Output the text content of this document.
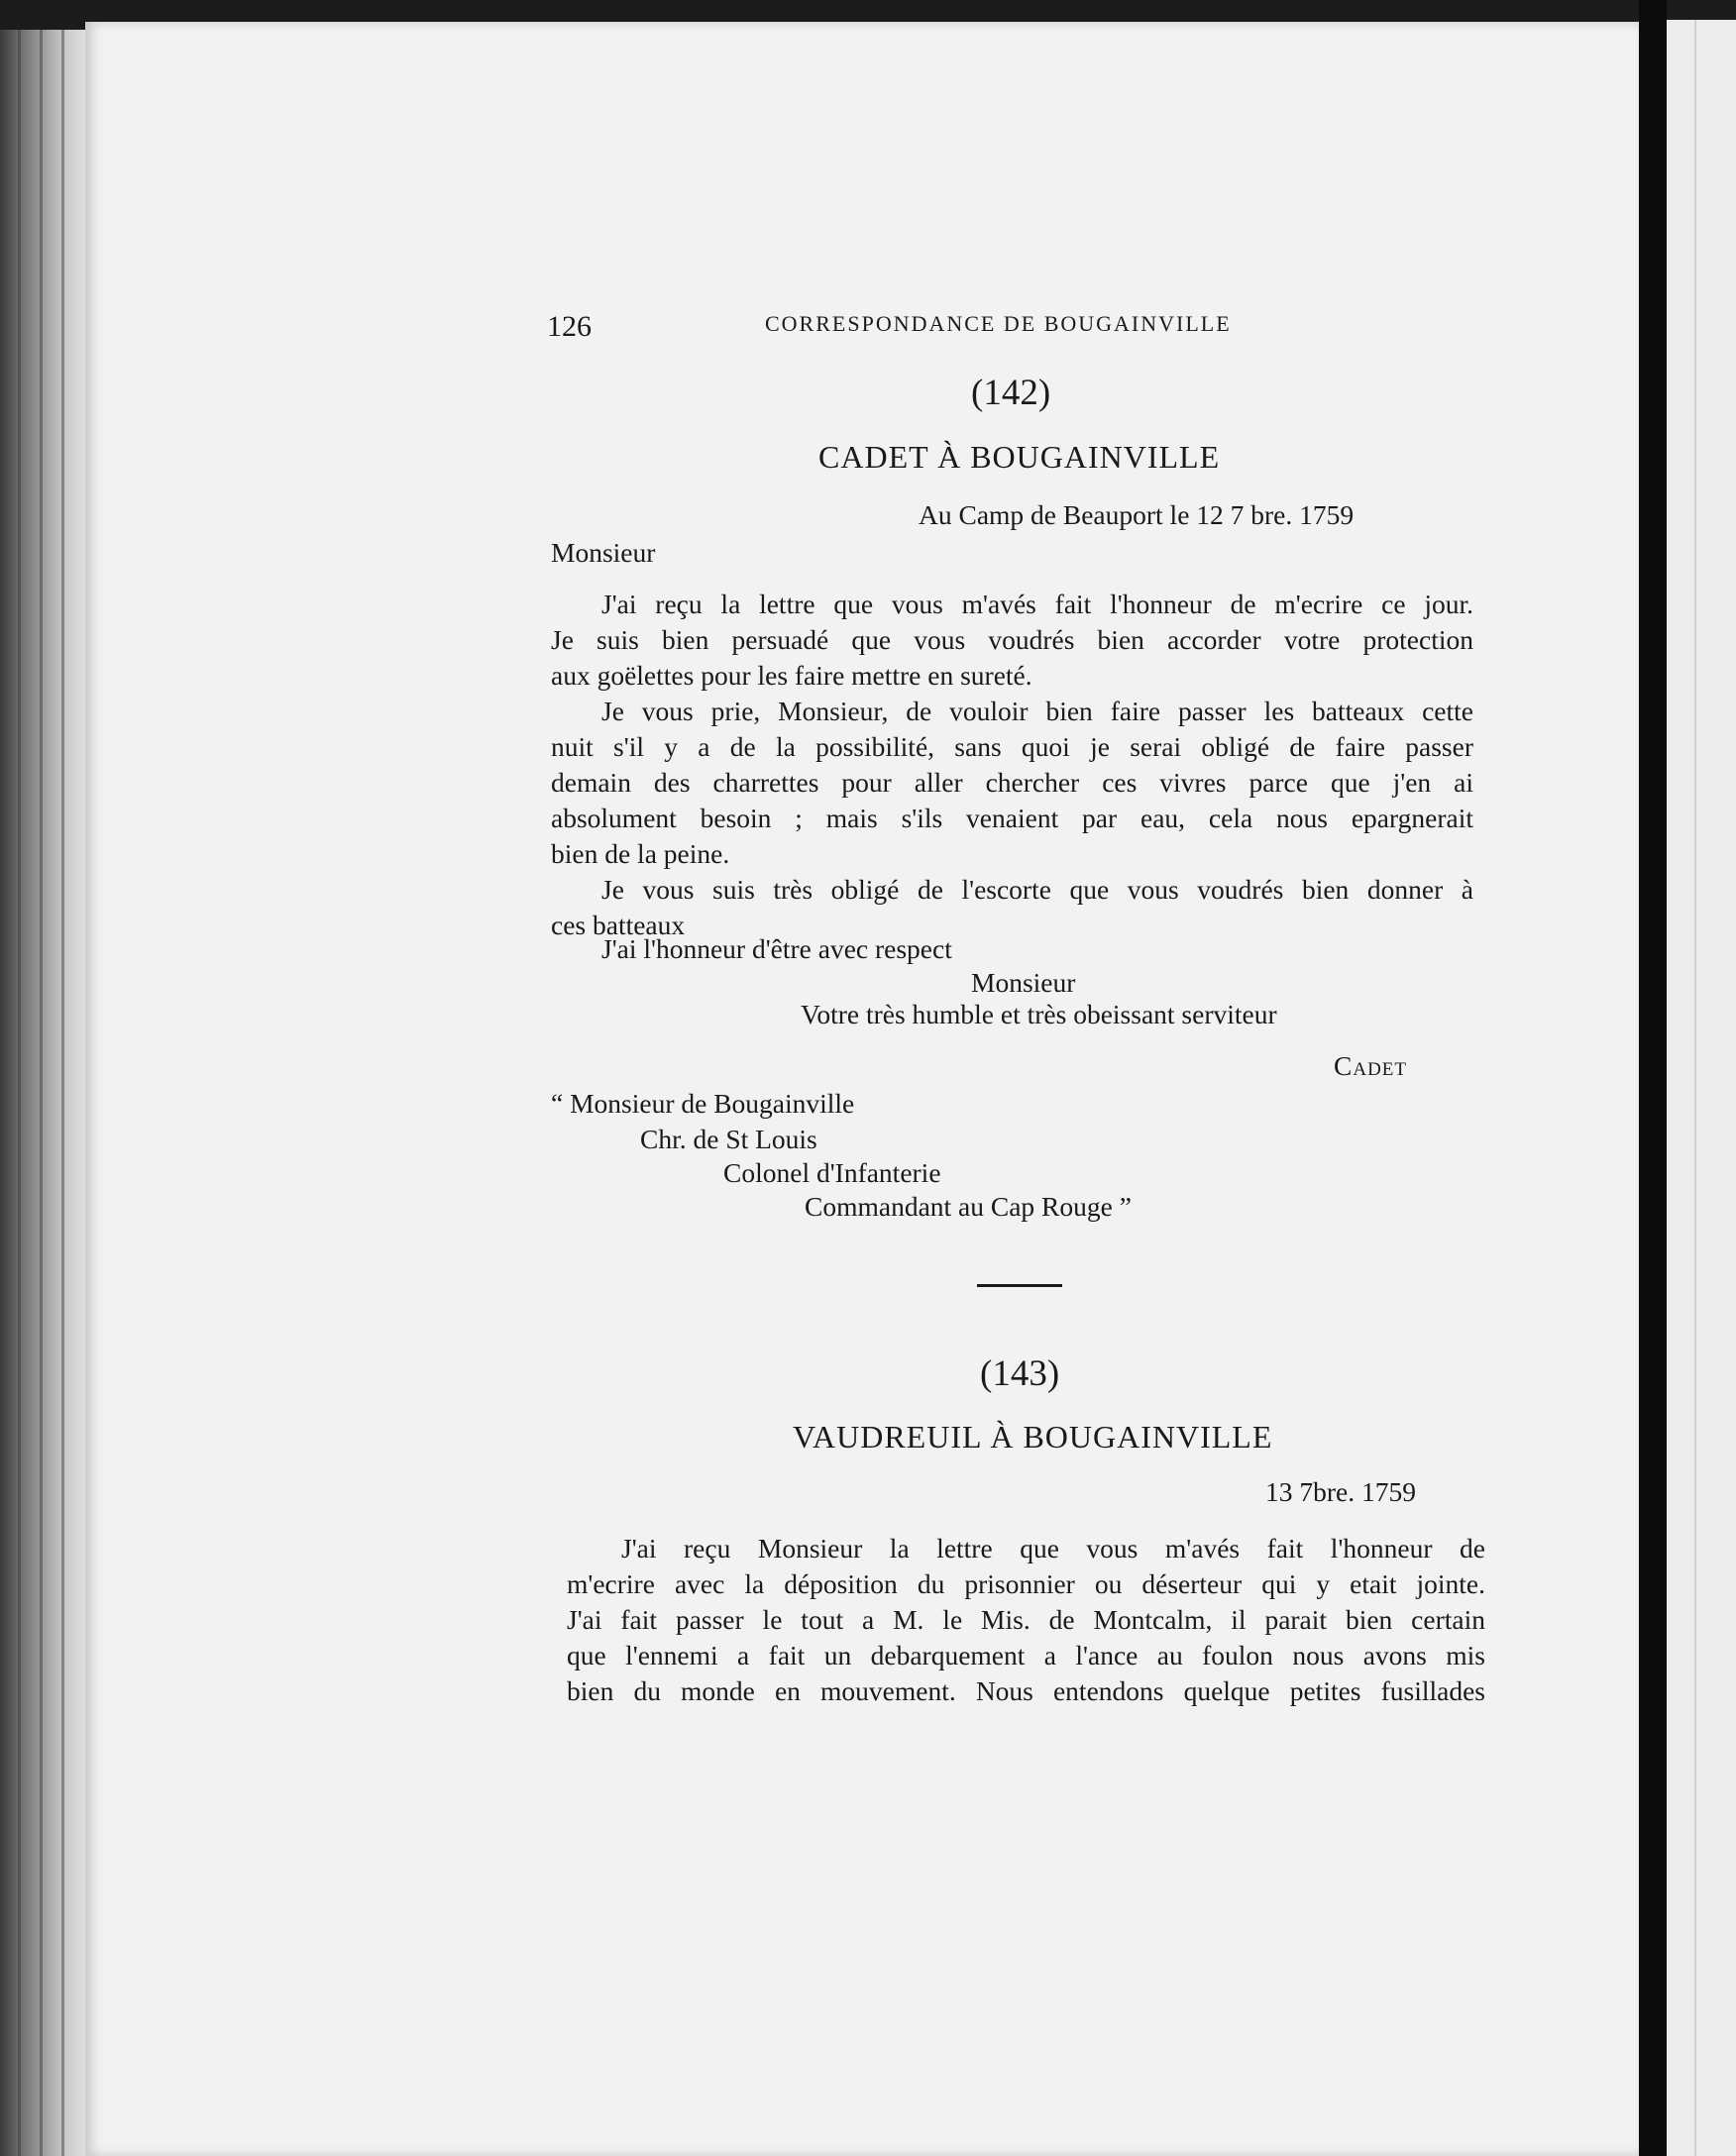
126	CORRESPONDANCE DE BOUGAINVILLE

(142)

CADET À BOUGAINVILLE

Au Camp de Beauport le 12 7 bre. 1759

Monsieur

J'ai reçu la lettre que vous m'avés fait l'honneur de m'ecrire ce jour.

Je suis bien persuadé que vous voudrés bien accorder votre protection

aux goëlettes pour les faire mettre en sureté.

Je vous prie, Monsieur, de vouloir bien faire passer les batteaux cette

nuit s'il y a de la possibilité, sans quoi je serai obligé de faire passer

demain des charrettes pour aller chercher ces vivres parce que j'en ai

absolument besoin ; mais s'ils venaient par eau, cela nous epargnerait

bien de la peine.

Je vous suis très obligé de l'escorte que vous voudrés bien donner à

ces batteaux

J'ai l'honneur d'être avec respect

Monsieur

Votre très humble et très obeissant serviteur

Cadet

“ Monsieur de Bougainville

Chr. de St Louis

Colonel d'Infanterie

Commandant au Cap Rouge ”

(143)

VAUDREUIL À BOUGAINVILLE

13 7bre. 1759

J'ai reçu Monsieur la lettre que vous m'avés fait l'honneur de

m'ecrire avec la déposition du prisonnier ou déserteur qui y etait jointe.

J'ai fait passer le tout a M. le Mis. de Montcalm, il parait bien certain

que l'ennemi a fait un debarquement a l'ance au foulon nous avons mis

bien du monde en mouvement. Nous entendons quelque petites fusillades
